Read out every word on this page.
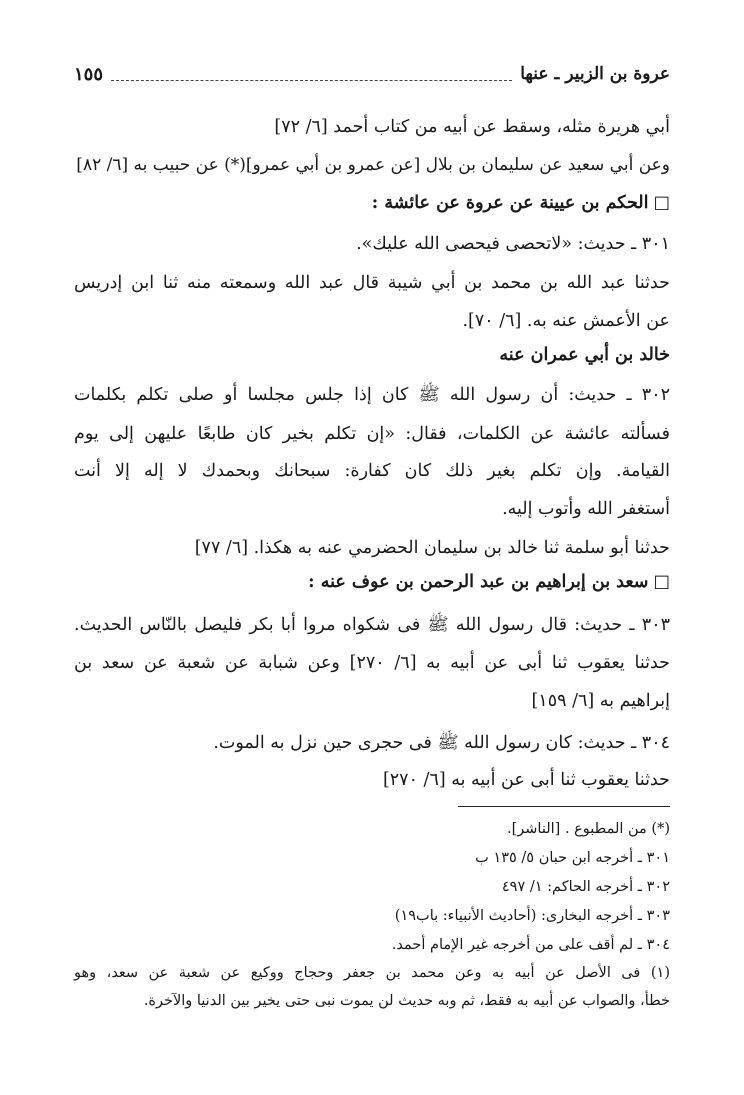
عروة بن الزبير ـ عنها
١٥٥
أبي هريرة مثله، وسقط عن أبيه من كتاب أحمد [٦/ ٧٢]
وعن أبي سعيد عن سليمان بن بلال [عن عمرو بن أبي عمرو](*) عن حبيب به [٦/ ٨٢]
□ الحكم بن عيينة عن عروة عن عائشة :
٣٠١ ـ حديث: «لاتحصى فيحصى الله عليك».
حدثنا عبد الله بن محمد بن أبي شيبة قال عبد الله وسمعته منه ثنا ابن إدريس
عن الأعمش عنه به. [٦/ ٧٠].
خالد بن أبي عمران عنه
٣٠٢ ـ حديث: أن رسول الله ﷺ كان إذا جلس مجلسا أو صلى تكلم بكلمات
فسألته عائشة عن الكلمات، فقال: «إن تكلم بخير كان طابعًا عليهن إلى يوم
القيامة. وإن تكلم بغير ذلك كان كفارة: سبحانك وبحمدك لا إله إلا أنت
أستغفر الله وأتوب إليه.
حدثنا أبو سلمة ثنا خالد بن سليمان الحضرمي عنه به هكذا. [٦/ ٧٧]
□ سعد بن إبراهيم بن عبد الرحمن بن عوف عنه :
٣٠٣ ـ حديث: قال رسول الله ﷺ فى شكواه مروا أبا بكر فليصل بالنّاس الحديث.
حدثنا يعقوب ثنا أبى عن أبيه به [٦/ ٢٧٠] وعن شبابة عن شعبة عن سعد بن
إبراهيم به [٦/ ١٥٩]
٣٠٤ ـ حديث: كان رسول الله ﷺ فى حجرى حين نزل به الموت.
حدثنا يعقوب ثنا أبى عن أبيه به [٦/ ٢٧٠]
(*) من المطبوع . [الناشر].
٣٠١ ـ أخرجه ابن حبان ٥/ ١٣٥ ب
٣٠٢ ـ أخرجه الحاكم: ١/ ٤٩٧
٣٠٣ ـ أخرجه البخارى: (أحاديث الأنبياء: باب١٩)
٣٠٤ ـ لم أقف على من أخرجه غير الإمام أحمد.
(١) فى الأصل عن أبيه به وعن محمد بن جعفر وحجاج ووكيع عن شعبة عن سعد، وهو
خطأ، والصواب عن أبيه به فقط، ثم وبه حديث لن يموت نبى حتى يخير بين الدنيا والآخرة.
